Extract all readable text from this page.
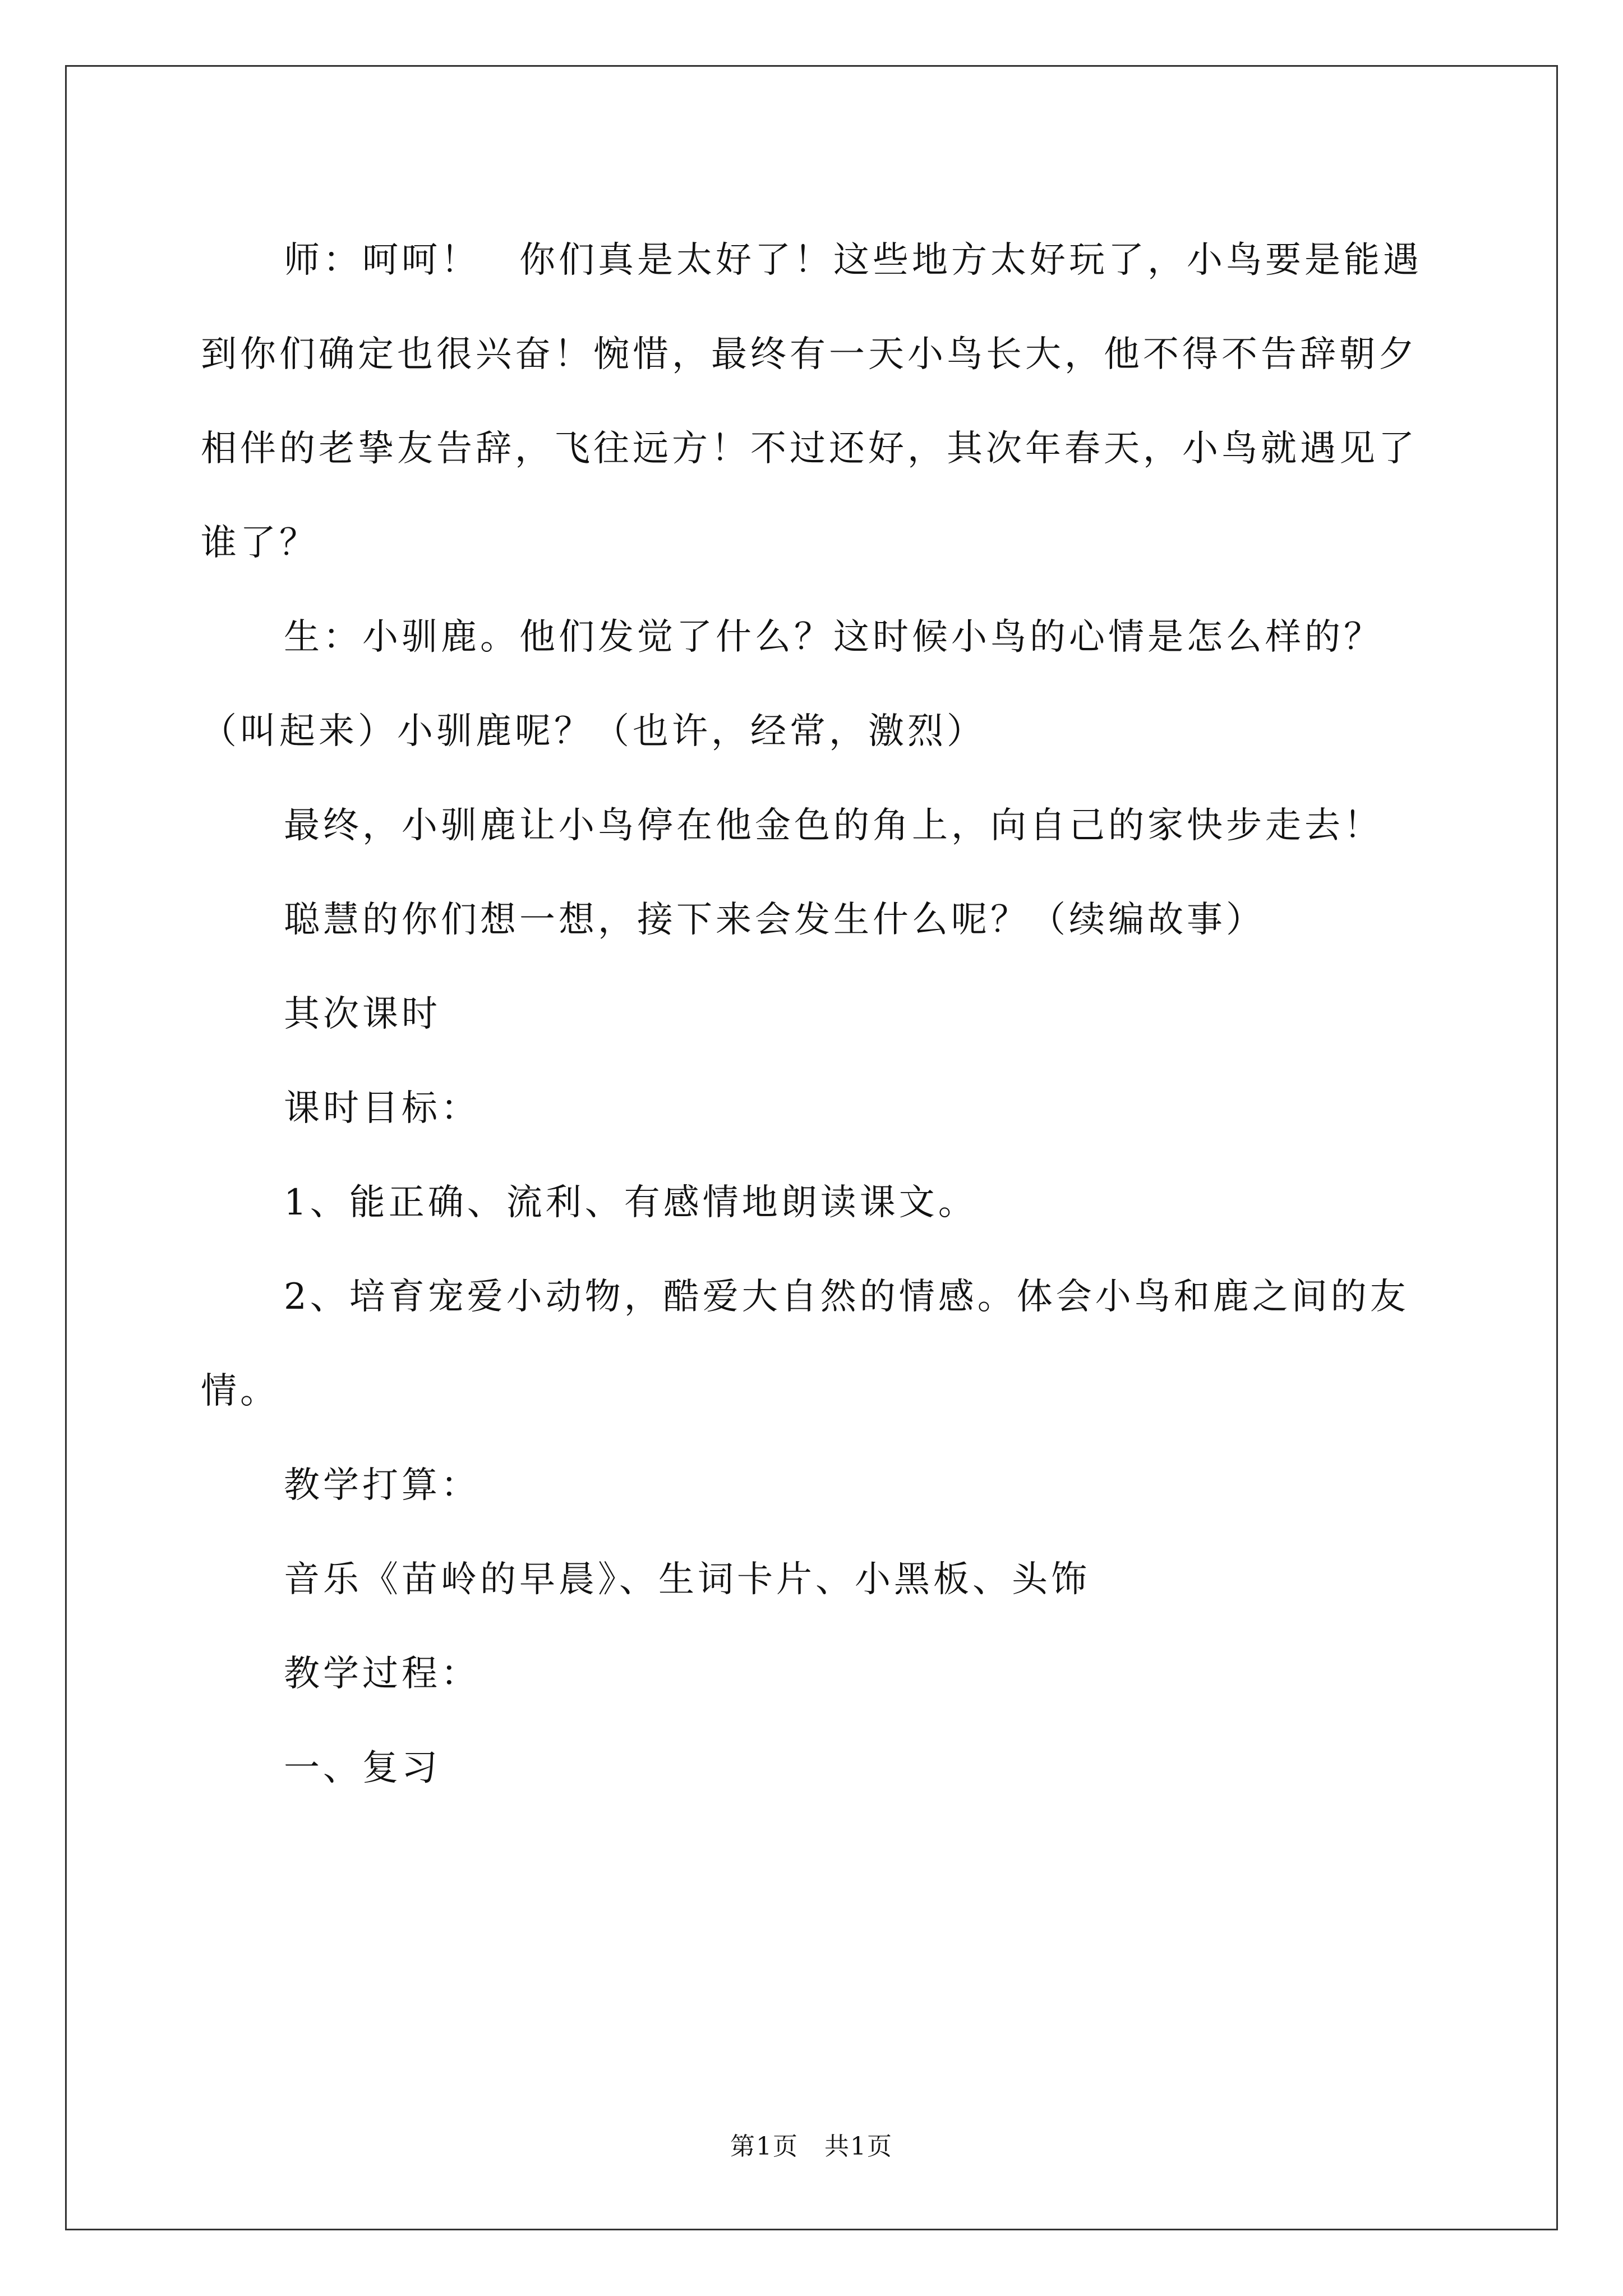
师：呵呵！　你们真是太好了！这些地方太好玩了，小鸟要是能遇到你们确定也很兴奋！惋惜，最终有一天小鸟长大，他不得不告辞朝夕相伴的老挚友告辞，飞往远方！不过还好，其次年春天，小鸟就遇见了谁了？

生：小驯鹿。他们发觉了什么？这时候小鸟的心情是怎么样的？（叫起来）小驯鹿呢？（也许，经常，激烈）

最终，小驯鹿让小鸟停在他金色的角上，向自己的家快步走去！

聪慧的你们想一想，接下来会发生什么呢？（续编故事）

其次课时

课时目标：

1、能正确、流利、有感情地朗读课文。

2、培育宠爱小动物，酷爱大自然的情感。体会小鸟和鹿之间的友情。

教学打算：

音乐《苗岭的早晨》、生词卡片、小黑板、头饰

教学过程：

一、复习

第1页　共1页
